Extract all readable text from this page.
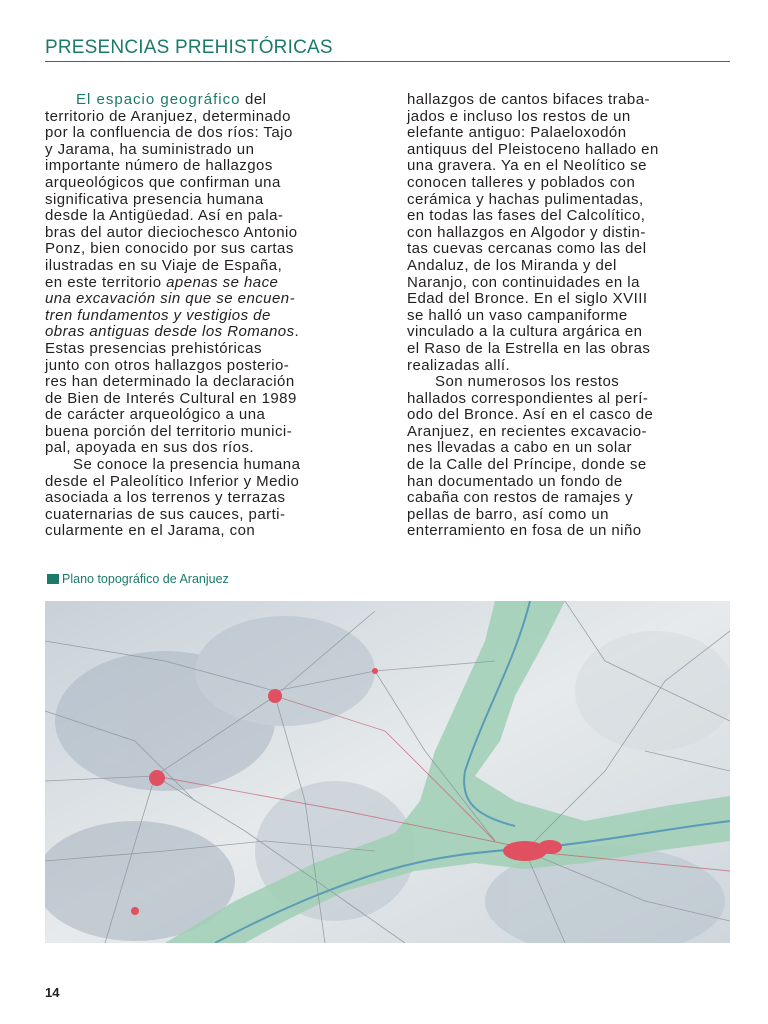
PRESENCIAS PREHISTÓRICAS
El espacio geográfico del
territorio de Aranjuez, determinado
por la confluencia de dos ríos: Tajo
y Jarama, ha suministrado un
importante número de hallazgos
arqueológicos que confirman una
significativa presencia humana
desde la Antigüedad. Así en pala-
bras del autor dieciochesco Antonio
Ponz, bien conocido por sus cartas
ilustradas en su Viaje de España,
en este territorio apenas se hace
una excavación sin que se encuen-
tren fundamentos y vestigios de
obras antiguas desde los Romanos.
Estas presencias prehistóricas
junto con otros hallazgos posterio-
res han determinado la declaración
de Bien de Interés Cultural en 1989
de carácter arqueológico a una
buena porción del territorio munici-
pal, apoyada en sus dos ríos.
Se conoce la presencia humana
desde el Paleolítico Inferior y Medio
asociada a los terrenos y terrazas
cuaternarias de sus cauces, parti-
cularmente en el Jarama, con
hallazgos de cantos bifaces traba-
jados e incluso los restos de un
elefante antiguo: Palaeloxodón
antiquus del Pleistoceno hallado en
una gravera. Ya en el Neolítico se
conocen talleres y poblados con
cerámica y hachas pulimentadas,
en todas las fases del Calcolítico,
con hallazgos en Algodor y distin-
tas cuevas cercanas como las del
Andaluz, de los Miranda y del
Naranjo, con continuidades en la
Edad del Bronce. En el siglo XVIII
se halló un vaso campaniforme
vinculado a la cultura argárica en
el Raso de la Estrella en las obras
realizadas allí.
Son numerosos los restos
hallados correspondientes al perí-
odo del Bronce. Así en el casco de
Aranjuez, en recientes excavacio-
nes llevadas a cabo en un solar
de la Calle del Príncipe, donde se
han documentado un fondo de
cabaña con restos de ramajes y
pellas de barro, así como un
enterramiento en fosa de un niño
Plano topográfico de Aranjuez
14
